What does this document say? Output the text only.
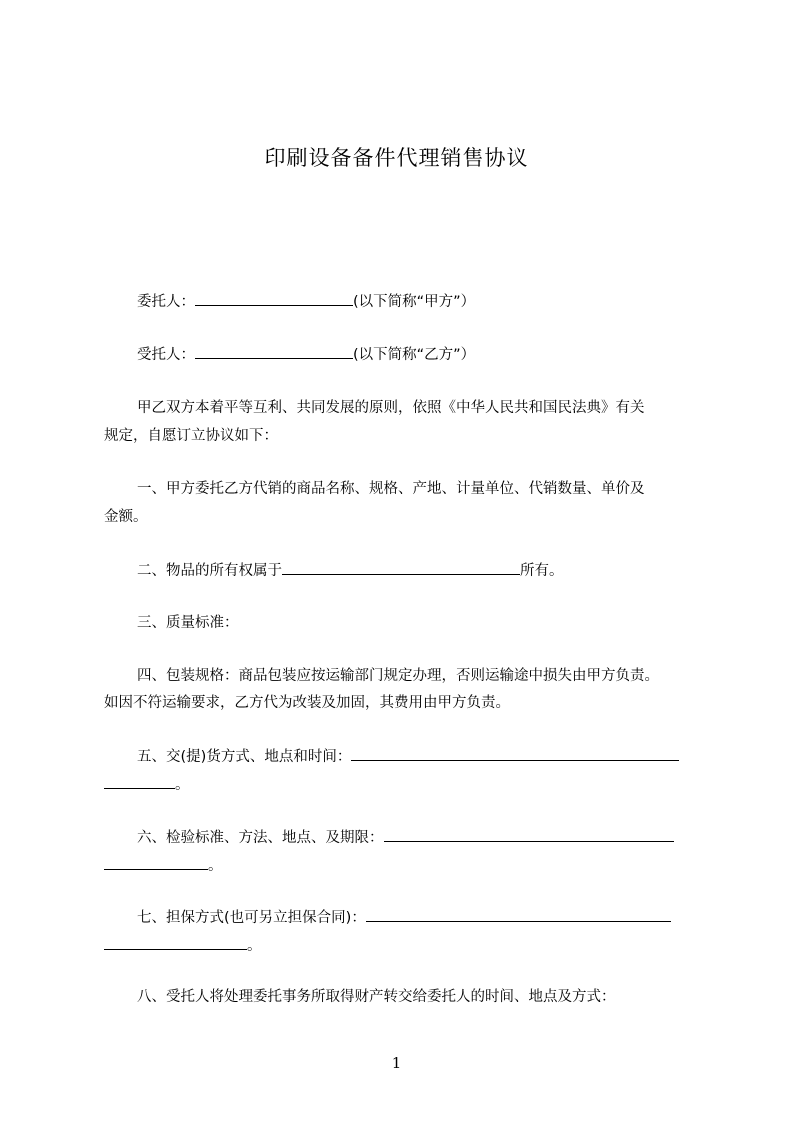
印刷设备备件代理销售协议
委托人：	(以下简称“甲方”）
受托人：	(以下简称“乙方”）
甲乙双方本着平等互利、共同发展的原则，依照《中华人民共和国民法典》有关
规定，自愿订立协议如下：
一、甲方委托乙方代销的商品名称、规格、产地、计量单位、代销数量、单价及
金额。
二、物品的所有权属于	所有。
三、质量标准：
四、包装规格：商品包装应按运输部门规定办理，否则运输途中损失由甲方负责。
如因不符运输要求，乙方代为改装及加固，其费用由甲方负责。
五、交(提)货方式、地点和时间：
。
六、检验标准、方法、地点、及期限：
。
七、担保方式(也可另立担保合同)：
。
八、受托人将处理委托事务所取得财产转交给委托人的时间、地点及方式：
1
